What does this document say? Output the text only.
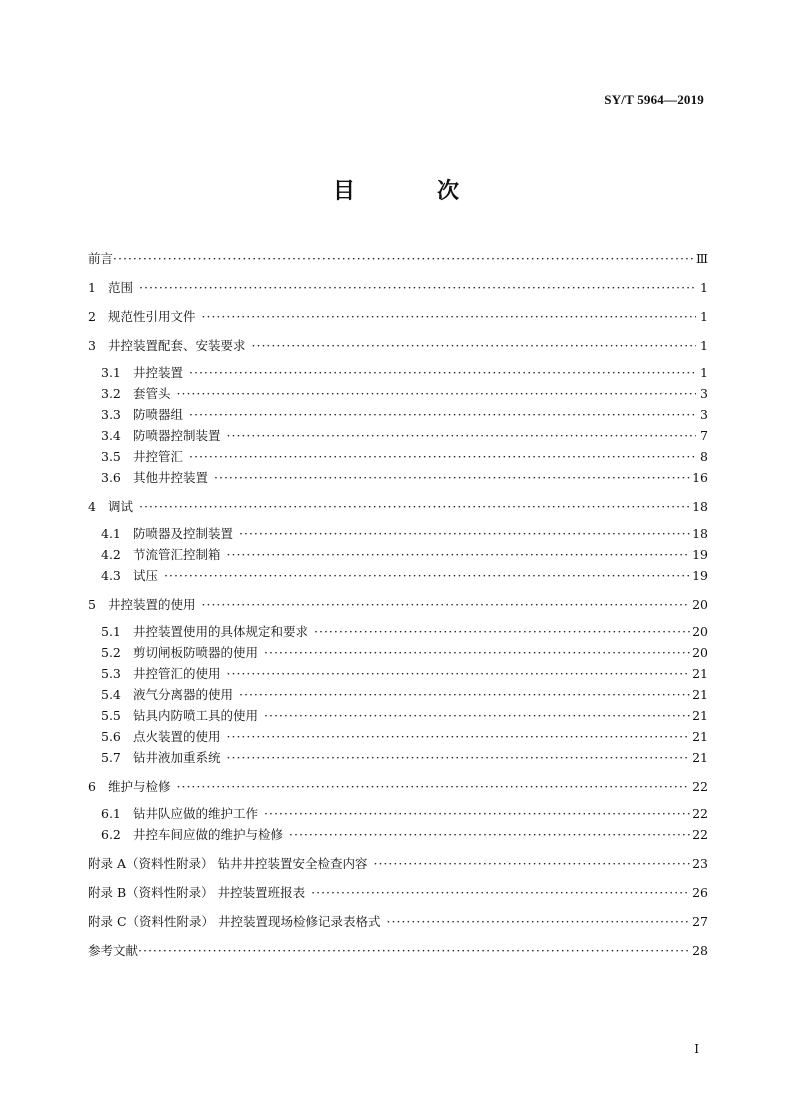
SY/T 5964—2019
目　次
前言 ·····	Ⅲ
1 范围 ·····	1
2 规范性引用文件 ·····	1
3 井控装置配套、安装要求 ·····	1
3.1 井控装置 ·····	1
3.2 套管头 ·····	3
3.3 防喷器组 ·····	3
3.4 防喷器控制装置 ·····	7
3.5 井控管汇 ·····	8
3.6 其他井控装置 ·····	16
4 调试 ·····	18
4.1 防喷器及控制装置 ·····	18
4.2 节流管汇控制箱 ·····	19
4.3 试压 ·····	19
5 井控装置的使用 ·····	20
5.1 井控装置使用的具体规定和要求 ·····	20
5.2 剪切闸板防喷器的使用 ·····	20
5.3 井控管汇的使用 ·····	21
5.4 液气分离器的使用 ·····	21
5.5 钻具内防喷工具的使用 ·····	21
5.6 点火装置的使用 ·····	21
5.7 钻井液加重系统 ·····	21
6 维护与检修 ·····	22
6.1 钻井队应做的维护工作 ·····	22
6.2 井控车间应做的维护与检修 ·····	22
附录 A（资料性附录） 钻井井控装置安全检查内容 ·····	23
附录 B（资料性附录） 井控装置班报表 ·····	26
附录 C（资料性附录） 井控装置现场检修记录表格式 ·····	27
参考文献 ·····	28
I
